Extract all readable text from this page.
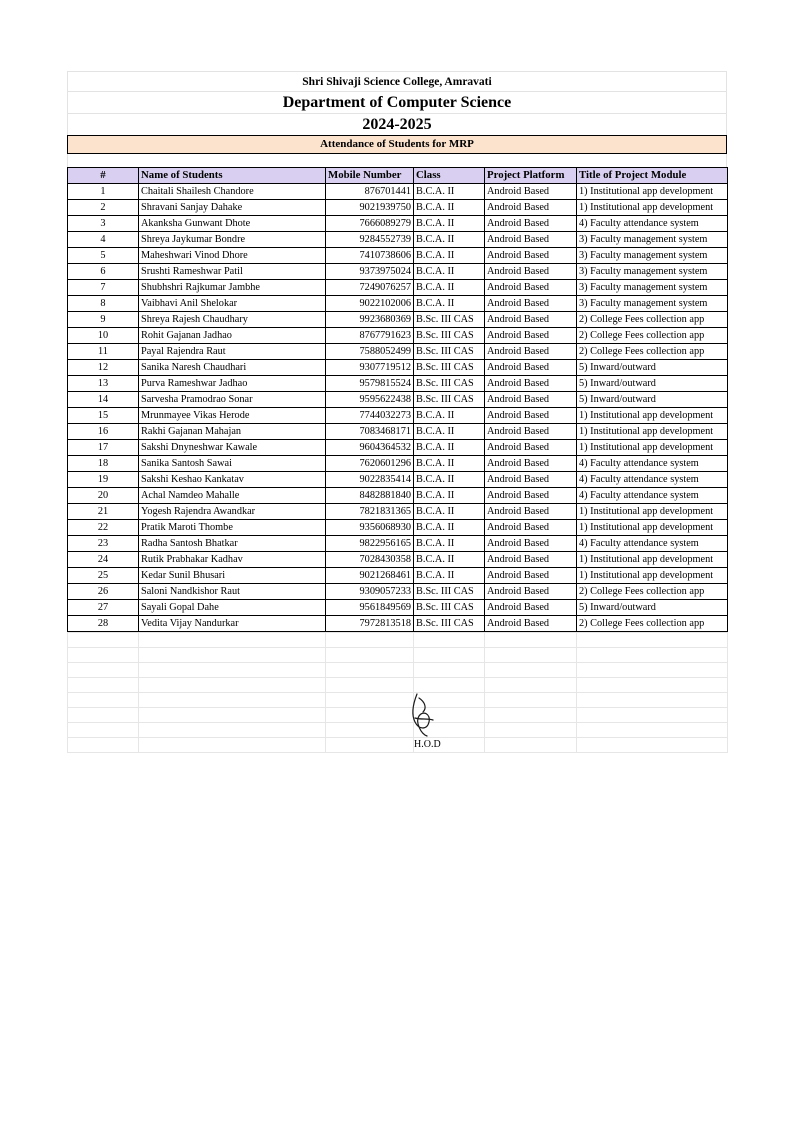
Shri Shivaji Science College, Amravati
Department of Computer Science
2024-2025
Attendance of Students for MRP
#	Name of Students	Mobile Number	Class	Project Platform	Title of Project Module
1	Chaitali Shailesh Chandore	876701441	B.C.A. II	Android Based	1) Institutional app development
2	Shravani Sanjay Dahake	9021939750	B.C.A. II	Android Based	1) Institutional app development
3	Akanksha Gunwant Dhote	7666089279	B.C.A. II	Android Based	4) Faculty attendance system
4	Shreya Jaykumar Bondre	9284552739	B.C.A. II	Android Based	3) Faculty management system
5	Maheshwari Vinod Dhore	7410738606	B.C.A. II	Android Based	3) Faculty management system
6	Srushti Rameshwar Patil	9373975024	B.C.A. II	Android Based	3) Faculty management system
7	Shubhshri Rajkumar Jambhe	7249076257	B.C.A. II	Android Based	3) Faculty management system
8	Vaibhavi Anil Shelokar	9022102006	B.C.A. II	Android Based	3) Faculty management system
9	Shreya Rajesh Chaudhary	9923680369	B.Sc. III CAS	Android Based	2) College Fees collection app
10	Rohit Gajanan Jadhao	8767791623	B.Sc. III CAS	Android Based	2) College Fees collection app
11	Payal Rajendra Raut	7588052499	B.Sc. III CAS	Android Based	2) College Fees collection app
12	Sanika Naresh Chaudhari	9307719512	B.Sc. III CAS	Android Based	5) Inward/outward
13	Purva Rameshwar Jadhao	9579815524	B.Sc. III CAS	Android Based	5) Inward/outward
14	Sarvesha Pramodrao Sonar	9595622438	B.Sc. III CAS	Android Based	5) Inward/outward
15	Mrunmayee Vikas Herode	7744032273	B.C.A. II	Android Based	1) Institutional app development
16	Rakhi Gajanan Mahajan	7083468171	B.C.A. II	Android Based	1) Institutional app development
17	Sakshi Dnyneshwar Kawale	9604364532	B.C.A. II	Android Based	1) Institutional app development
18	Sanika Santosh Sawai	7620601296	B.C.A. II	Android Based	4) Faculty attendance system
19	Sakshi Keshao Kankatav	9022835414	B.C.A. II	Android Based	4) Faculty attendance system
20	Achal Namdeo Mahalle	8482881840	B.C.A. II	Android Based	4) Faculty attendance system
21	Yogesh Rajendra Awandkar	7821831365	B.C.A. II	Android Based	1) Institutional app development
22	Pratik Maroti Thombe	9356068930	B.C.A. II	Android Based	1) Institutional app development
23	Radha Santosh Bhatkar	9822956165	B.C.A. II	Android Based	4) Faculty attendance system
24	Rutik Prabhakar Kadhav	7028430358	B.C.A. II	Android Based	1) Institutional app development
25	Kedar Sunil Bhusari	9021268461	B.C.A. II	Android Based	1) Institutional app development
26	Saloni Nandkishor Raut	9309057233	B.Sc. III CAS	Android Based	2) College Fees collection app
27	Sayali Gopal Dahe	9561849569	B.Sc. III CAS	Android Based	5) Inward/outward
28	Vedita Vijay Nandurkar	7972813518	B.Sc. III CAS	Android Based	2) College Fees collection app

H.O.D
